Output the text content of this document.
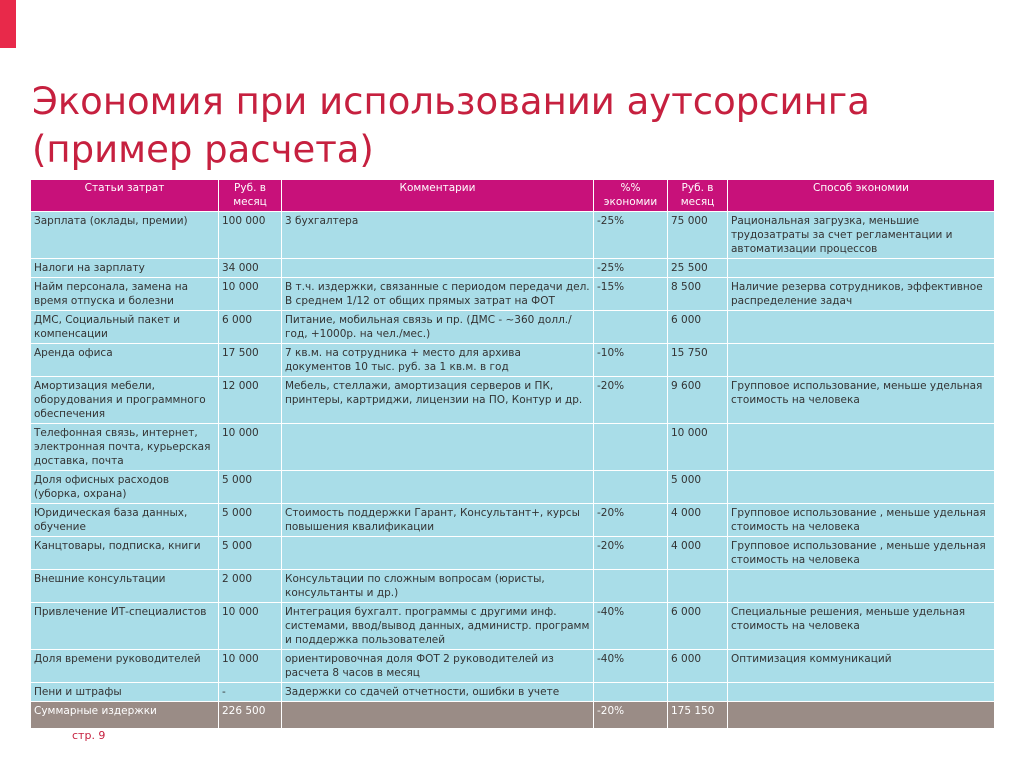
Экономия при использовании аутсорсинга
(пример расчета)
Статьи затрат	Руб. в месяц	Комментарии	%% экономии	Руб. в месяц	Способ экономии
Зарплата (оклады, премии)	100 000	3 бухгалтера	-25%	75 000	Рациональная загрузка, меньшие трудозатраты за счет регламентации и автоматизации процессов
Налоги на зарплату	34 000		-25%	25 500	
Найм персонала, замена на время отпуска и болезни	10 000	В т.ч. издержки, связанные с периодом передачи дел. В среднем 1/12 от общих прямых затрат на ФОТ	-15%	8 500	Наличие резерва сотрудников, эффективное распределение задач
ДМС, Социальный пакет и компенсации	6 000	Питание, мобильная связь и пр. (ДМС - ~360 долл./год, +1000р. на чел./мес.)		6 000	
Аренда офиса	17 500	7 кв.м. на сотрудника + место для архива документов 10 тыс. руб. за 1 кв.м. в год	-10%	15 750	
Амортизация мебели, оборудования и программного обеспечения	12 000	Мебель, стеллажи, амортизация серверов и ПК, принтеры, картриджи, лицензии на ПО, Контур и др.	-20%	9 600	Групповое использование, меньше удельная стоимость на человека
Телефонная связь, интернет, электронная почта, курьерская доставка, почта	10 000			10 000	
Доля офисных расходов (уборка, охрана)	5 000			5 000	
Юридическая база данных, обучение	5 000	Стоимость поддержки Гарант, Консультант+, курсы повышения квалификации	-20%	4 000	Групповое использование , меньше удельная стоимость на человека
Канцтовары, подписка, книги	5 000		-20%	4 000	Групповое использование , меньше удельная стоимость на человека
Внешние консультации	2 000	Консультации по сложным вопросам (юристы, консультанты и др.)			
Привлечение ИТ-специалистов	10 000	Интеграция бухгалт. программы с другими инф. системами, ввод/вывод данных, администр. программ и поддержка пользователей	-40%	6 000	Специальные решения, меньше удельная стоимость на человека
Доля времени руководителей	10 000	ориентировочная доля ФОТ 2 руководителей из расчета 8 часов в месяц	-40%	6 000	Оптимизация коммуникаций
Пени и штрафы	-	Задержки со сдачей отчетности, ошибки в учете			
Суммарные издержки	226 500		-20%	175 150	
стр. 9
